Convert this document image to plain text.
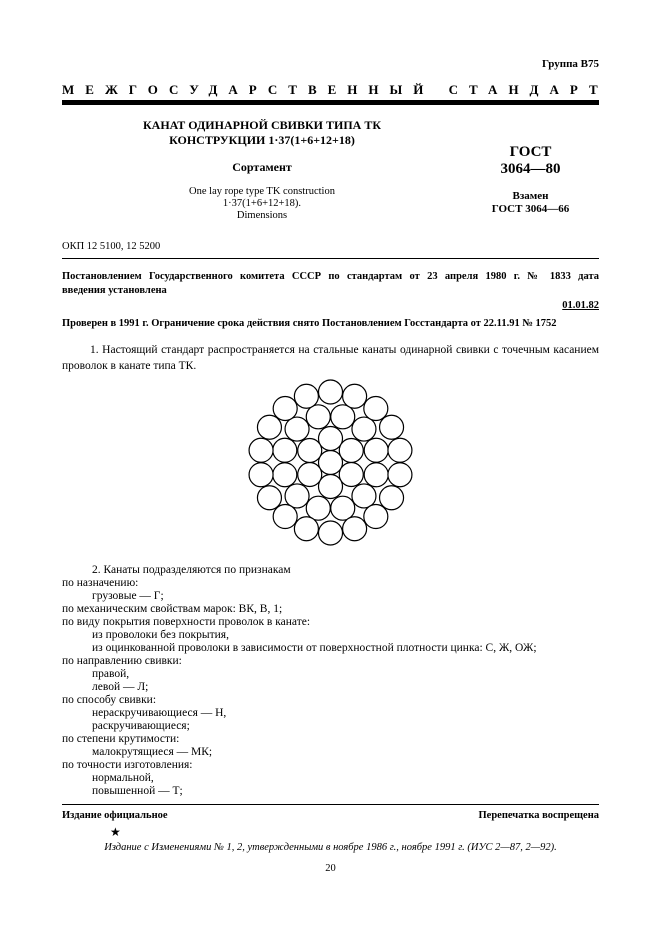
Группа В75
МЕЖГОСУДАРСТВЕННЫЙ СТАНДАРТ
КАНАТ ОДИНАРНОЙ СВИВКИ ТИПА ТК
КОНСТРУКЦИИ 1·37(1+6+12+18)
Сортамент
One lay rope type TK construction
1·37(1+6+12+18).
Dimensions
ГОСТ
3064—80
Взамен
ГОСТ 3064—66
ОКП 12 5100, 12 5200
Постановлением Государственного комитета СССР по стандартам от 23 апреля 1980 г. № 1833 дата
введения установлена
01.01.82
Проверен в 1991 г. Ограничение срока действия снято Постановлением Госстандарта от 22.11.91 № 1752
1. Настоящий стандарт распространяется на стальные канаты одинарной свивки с точечным касанием проволок в канате типа ТК.
2. Канаты подразделяются по признакам
по назначению:
грузовые — Г;
по механическим свойствам марок: ВК, В, 1;
по виду покрытия поверхности проволок в канате:
из проволоки без покрытия,
из оцинкованной проволоки в зависимости от поверхностной плотности цинка: С, Ж, ОЖ;
по направлению свивки:
правой,
левой — Л;
по способу свивки:
нераскручивающиеся — Н,
раскручивающиеся;
по степени крутимости:
малокрутящиеся — МК;
по точности изготовления:
нормальной,
повышенной — Т;
Издание официальное	Перепечатка воспрещена
★
Издание с Изменениями № 1, 2, утвержденными в ноябре 1986 г., ноябре 1991 г. (ИУС 2—87, 2—92).
20
